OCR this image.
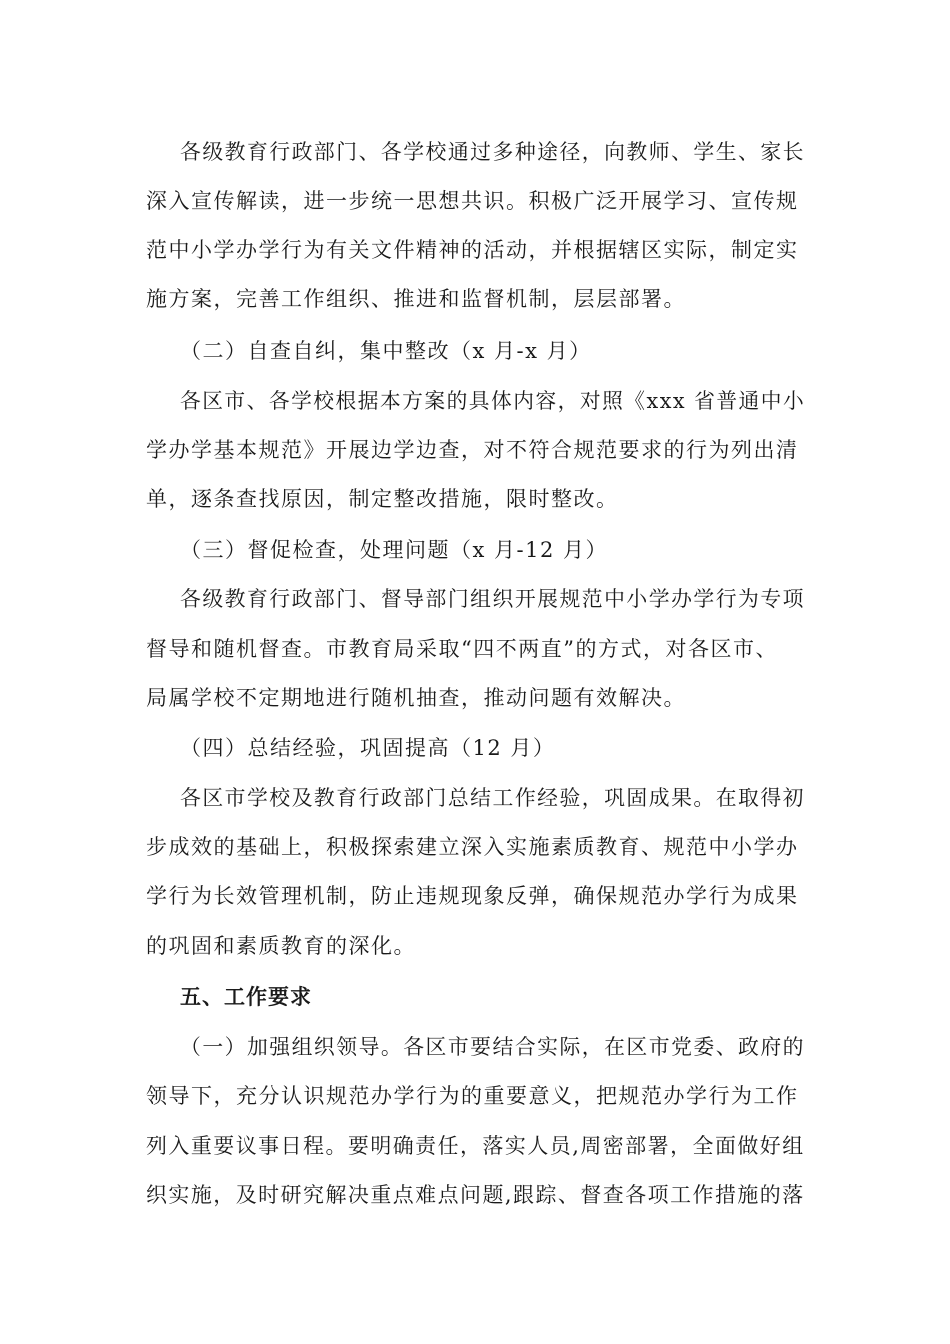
各级教育行政部门、各学校通过多种途径，向教师、学生、家长
深入宣传解读，进一步统一思想共识。积极广泛开展学习、宣传规
范中小学办学行为有关文件精神的活动，并根据辖区实际，制定实
施方案，完善工作组织、推进和监督机制，层层部署。
（二）自查自纠，集中整改（x 月-x 月）
各区市、各学校根据本方案的具体内容，对照《xxx 省普通中小
学办学基本规范》开展边学边查，对不符合规范要求的行为列出清
单，逐条查找原因，制定整改措施，限时整改。
（三）督促检查，处理问题（x 月-12 月）
各级教育行政部门、督导部门组织开展规范中小学办学行为专项
督导和随机督查。市教育局采取“四不两直”的方式，对各区市、
局属学校不定期地进行随机抽查，推动问题有效解决。
（四）总结经验，巩固提高（12 月）
各区市学校及教育行政部门总结工作经验，巩固成果。在取得初
步成效的基础上，积极探索建立深入实施素质教育、规范中小学办
学行为长效管理机制，防止违规现象反弹，确保规范办学行为成果
的巩固和素质教育的深化。
五、工作要求
（一）加强组织领导。各区市要结合实际，在区市党委、政府的
领导下，充分认识规范办学行为的重要意义，把规范办学行为工作
列入重要议事日程。要明确责任，落实人员,周密部署，全面做好组
织实施，及时研究解决重点难点问题,跟踪、督查各项工作措施的落
